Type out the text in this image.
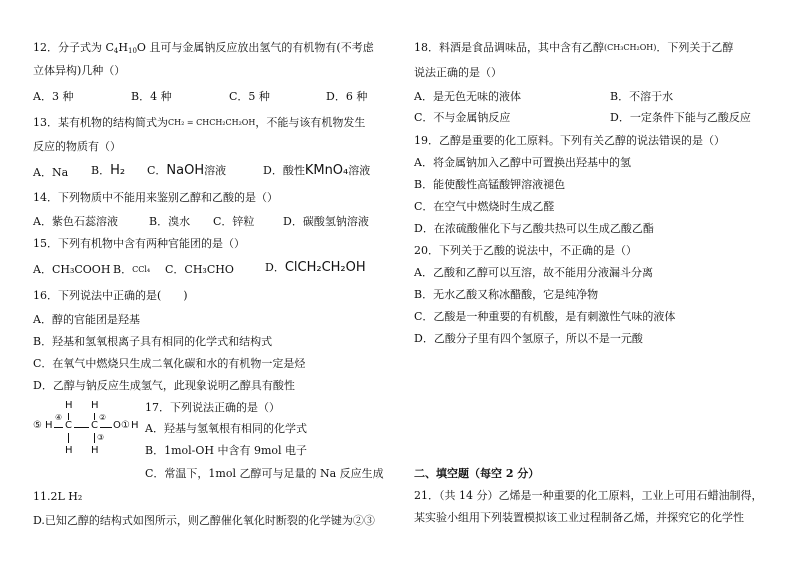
12．分子式为 $C_4H_{10}O$ 且可与金属钠反应放出氢气的有机物有(不考虑
立体异构)几种（）
A．3 种	B．4 种	C．5 种	D．6 种
13．某有机物的结构简式为CH₂ = CHCH₂CH₂OH，不能与该有机物发生
反应的物质有（）
A．Na B．H₂ C．NaOH溶液	D．酸性KMnO₄溶液
14．下列物质中不能用来鉴别乙醇和乙酸的是（）
A．紫色石蕊溶液	B．溴水 C．锌粒	D．碳酸氢钠溶液
15．下列有机物中含有两种官能团的是（）
A．CH₃COOH B．CCl₄ C．CH₃CHO	D．ClCH₂CH₂OH
16．下列说法中正确的是(　　)
A．醇的官能团是羟基
B．羟基和氢氧根离子具有相同的化学式和结构式
C．在氧气中燃烧只生成二氧化碳和水的有机物一定是烃
D．乙醇与钠反应生成氢气，此现象说明乙醇具有酸性
17．下列说法正确的是（）
A．羟基与氢氧根有相同的化学式
B．1mol-OH 中含有 9mol 电子
C．常温下，1mol 乙醇可与足量的 Na 反应生成
11.2L H₂
D.已知乙醇的结构式如图所示，则乙醇催化氧化时断裂的化学键为②③
H H
⑤ H
④
C C
②
O ① H
③
H H
18．料酒是食品调味品，其中含有乙醇(CH₃CH₂OH)．下列关于乙醇
说法正确的是（）
A．是无色无味的液体	B．不溶于水
C．不与金属钠反应	D．一定条件下能与乙酸反应
19．乙醇是重要的化工原料。下列有关乙醇的说法错误的是（）
A．将金属钠加入乙醇中可置换出羟基中的氢
B．能使酸性高锰酸钾溶液褪色
C．在空气中燃烧时生成乙醛
D．在浓硫酸催化下与乙酸共热可以生成乙酸乙酯
20．下列关于乙酸的说法中，不正确的是（）
A．乙酸和乙醇可以互溶，故不能用分液漏斗分离
B．无水乙酸又称冰醋酸，它是纯净物
C．乙酸是一种重要的有机酸，是有刺激性气味的液体
D．乙酸分子里有四个氢原子，所以不是一元酸
二、填空题（每空 2 分）
21．（共 14 分）乙烯是一种重要的化工原料，工业上可用石蜡油制得，
某实验小组用下列装置模拟该工业过程制备乙烯，并探究它的化学性
